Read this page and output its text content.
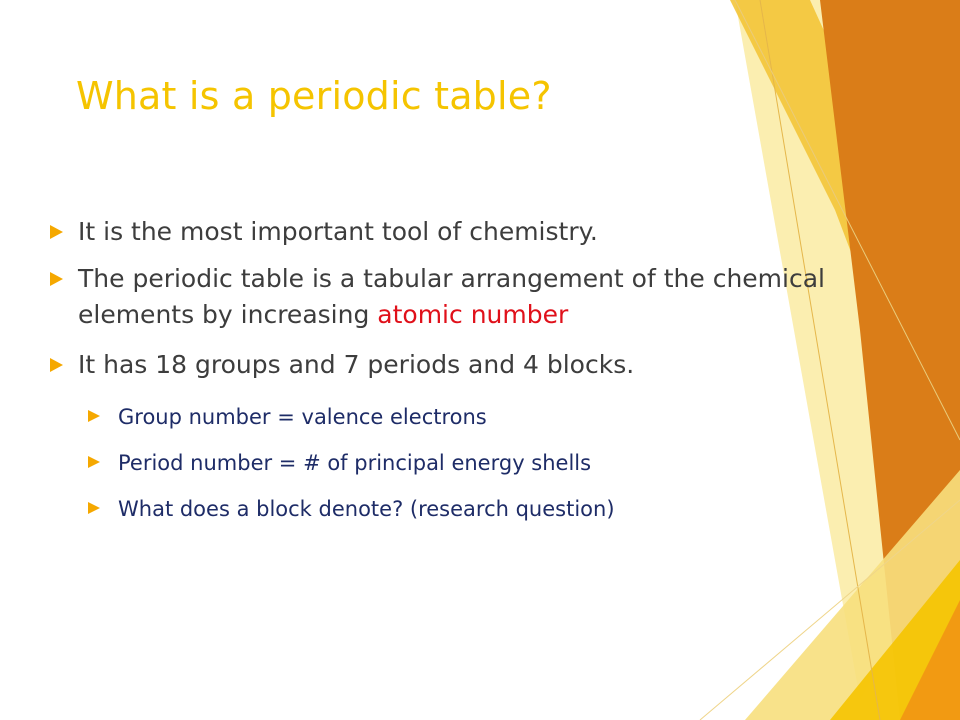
What is a periodic table?
It is the most important tool of chemistry.
The periodic table is a tabular arrangement of the chemical elements by increasing atomic number
It has 18 groups and 7 periods and 4 blocks.
Group number = valence electrons
Period number = # of principal energy shells
What does a block denote? (research question)
